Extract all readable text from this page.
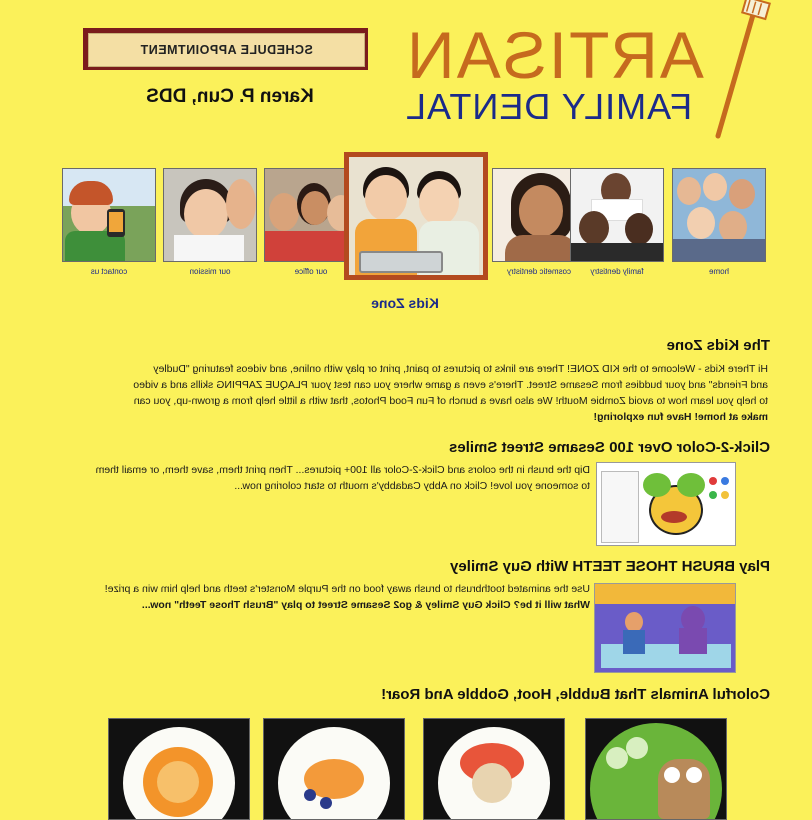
SCHEDULE APPOINTMENT
Karen P. Cun, DDS
ARTISAN
FAMILY DENTAL
contact us	our mission	our office	cosmetic dentistry	family dentistry	home
Kids Zone
The Kids Zone
Hi There Kids - Welcome to the KID ZONE! There are links to pictures to paint, print or play with online, and videos featuring "Dudley
and Friends" and your buddies from Sesame Street. There's even a game where you can test your PLAQUE ZAPPING skills and a video
to help you learn how to avoid Zombie Mouth! We also have a bunch of Fun Food Photos, that with a little help from a grown-up, you can
make at home! Have fun exploring!
Click-2-Color Over 100 Sesame Street Smiles
Dip the brush in the colors and Click-2-Color all 100+ pictures... Then print them, save them, or email them
to someone you love! Click on Abby Cadabby's mouth to start coloring now...
Play BRUSH THOSE TEETH With Guy Smiley
Use the animated toothbrush to brush away food on the Purple Monster's teeth and help him win a prize!
What will it be? Click Guy Smiley & go2 Sesame Street to play "Brush Those Teeth" now...
Colorful Animals That Bubble, Hoot, Gobble And Roar!
